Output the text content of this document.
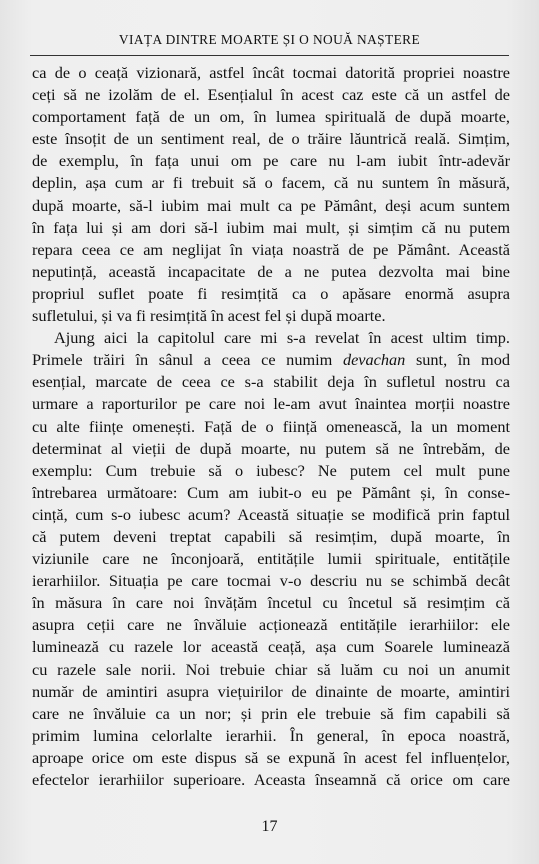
VIAȚA DINTRE MOARTE ȘI O NOUĂ NAȘTERE
ca de o ceață vizionară, astfel încât tocmai datorită propriei noastre
ceți să ne izolăm de el. Esențialul în acest caz este că un astfel de
comportament față de un om, în lumea spirituală de după moarte,
este însoțit de un sentiment real, de o trăire lăuntrică reală. Simțim,
de exemplu, în fața unui om pe care nu l-am iubit într-adevăr
deplin, așa cum ar fi trebuit să o facem, că nu suntem în măsură,
după moarte, să-l iubim mai mult ca pe Pământ, deși acum suntem
în fața lui și am dori să-l iubim mai mult, și simțim că nu putem
repara ceea ce am neglijat în viața noastră de pe Pământ. Această
neputință, această incapacitate de a ne putea dezvolta mai bine
propriul suflet poate fi resimțită ca o apăsare enormă asupra
sufletului, și va fi resimțită în acest fel și după moarte.
Ajung aici la capitolul care mi s-a revelat în acest ultim timp.
Primele trăiri în sânul a ceea ce numim devachan sunt, în mod
esențial, marcate de ceea ce s-a stabilit deja în sufletul nostru ca
urmare a raporturilor pe care noi le-am avut înaintea morții noastre
cu alte ființe omenești. Față de o ființă omenească, la un moment
determinat al vieții de după moarte, nu putem să ne întrebăm, de
exemplu: Cum trebuie să o iubesc? Ne putem cel mult pune
întrebarea următoare: Cum am iubit-o eu pe Pământ și, în conse-
cință, cum s-o iubesc acum? Această situație se modifică prin faptul
că putem deveni treptat capabili să resimțim, după moarte, în
viziunile care ne înconjoară, entitățile lumii spirituale, entitățile
ierarhiilor. Situația pe care tocmai v-o descriu nu se schimbă decât
în măsura în care noi învățăm încetul cu încetul să resimțim că
asupra ceții care ne învăluie acționează entitățile ierarhiilor: ele
luminează cu razele lor această ceață, așa cum Soarele luminează
cu razele sale norii. Noi trebuie chiar să luăm cu noi un anumit
număr de amintiri asupra viețuirilor de dinainte de moarte, amintiri
care ne învăluie ca un nor; și prin ele trebuie să fim capabili să
primim lumina celorlalte ierarhii. În general, în epoca noastră,
aproape orice om este dispus să se expună în acest fel influențelor,
efectelor ierarhiilor superioare. Aceasta înseamnă că orice om care
17
